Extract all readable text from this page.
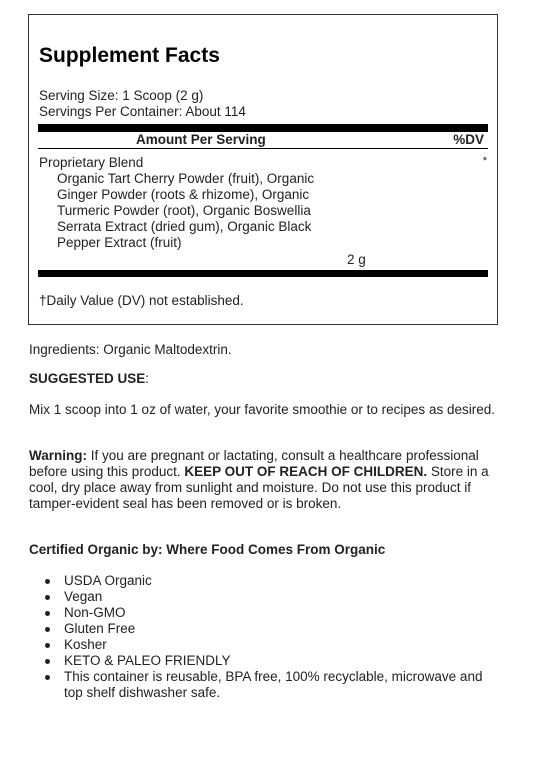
Supplement Facts
Serving Size: 1 Scoop (2 g)
Servings Per Container: About 114
Amount Per Serving	%DV
Proprietary Blend	*
Organic Tart Cherry Powder (fruit), Organic Ginger Powder (roots & rhizome), Organic Turmeric Powder (root), Organic Boswellia Serrata Extract (dried gum), Organic Black Pepper Extract (fruit)
2 g
†Daily Value (DV) not established.
Ingredients: Organic Maltodextrin.
SUGGESTED USE:
Mix 1 scoop into 1 oz of water, your favorite smoothie or to recipes as desired.
Warning: If you are pregnant or lactating, consult a healthcare professional before using this product. KEEP OUT OF REACH OF CHILDREN. Store in a cool, dry place away from sunlight and moisture. Do not use this product if tamper-evident seal has been removed or is broken.
Certified Organic by: Where Food Comes From Organic
USDA Organic
Vegan
Non-GMO
Gluten Free
Kosher
KETO & PALEO FRIENDLY
This container is reusable, BPA free, 100% recyclable, microwave and top shelf dishwasher safe.
